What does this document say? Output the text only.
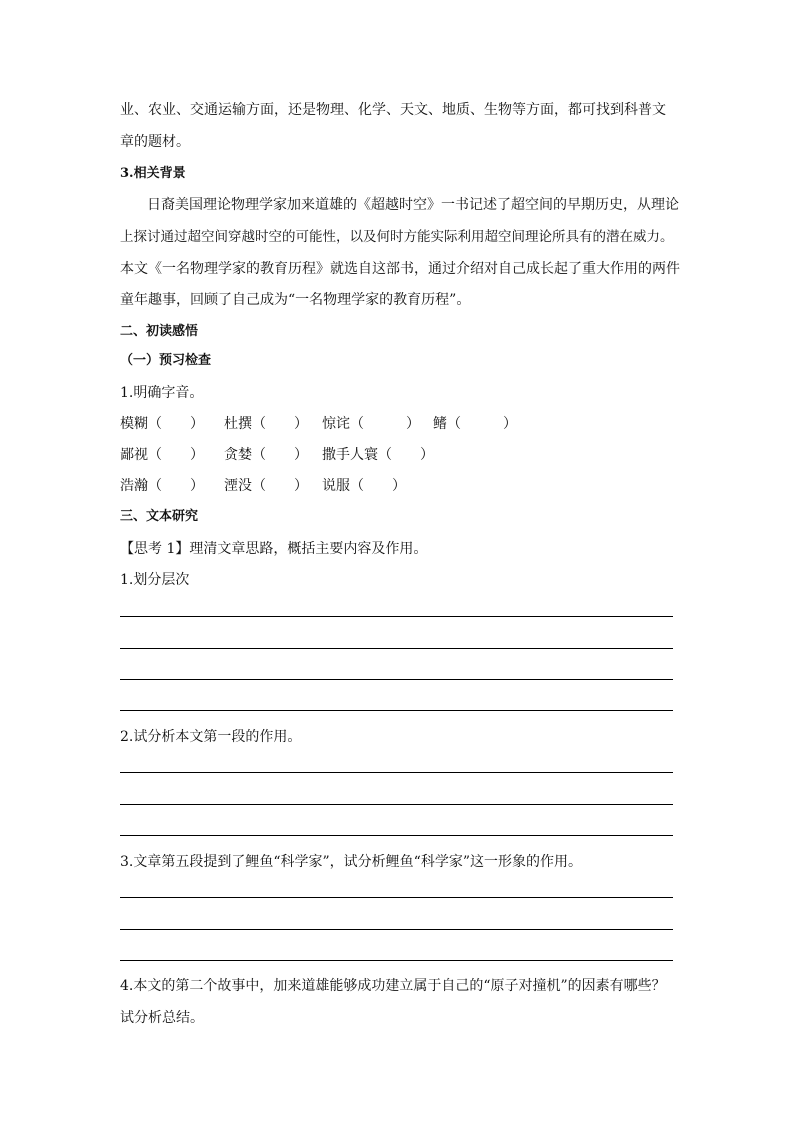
业、农业、交通运输方面，还是物理、化学、天文、地质、生物等方面，都可找到科普文
章的题材。
3.相关背景
日裔美国理论物理学家加来道雄的《超越时空》一书记述了超空间的早期历史，从理论
上探讨通过超空间穿越时空的可能性，以及何时方能实际利用超空间理论所具有的潜在威力。
本文《一名物理学家的教育历程》就选自这部书，通过介绍对自己成长起了重大作用的两件
童年趣事，回顾了自己成为“一名物理学家的教育历程”。
二、初读感悟
（一）预习检查
1.明确字音。
模糊（　　） 杜撰（　　） 惊诧（　　　） 鳍（　　　）
鄙视（　　） 贪婪（　　） 撒手人寰（　　）
浩瀚（　　） 湮没（　　） 说服（　　）
三、文本研究
【思考 1】理清文章思路，概括主要内容及作用。
1.划分层次
2.试分析本文第一段的作用。
3.文章第五段提到了鲤鱼“科学家”，试分析鲤鱼“科学家”这一形象的作用。
4.本文的第二个故事中，加来道雄能够成功建立属于自己的“原子对撞机”的因素有哪些？
试分析总结。
